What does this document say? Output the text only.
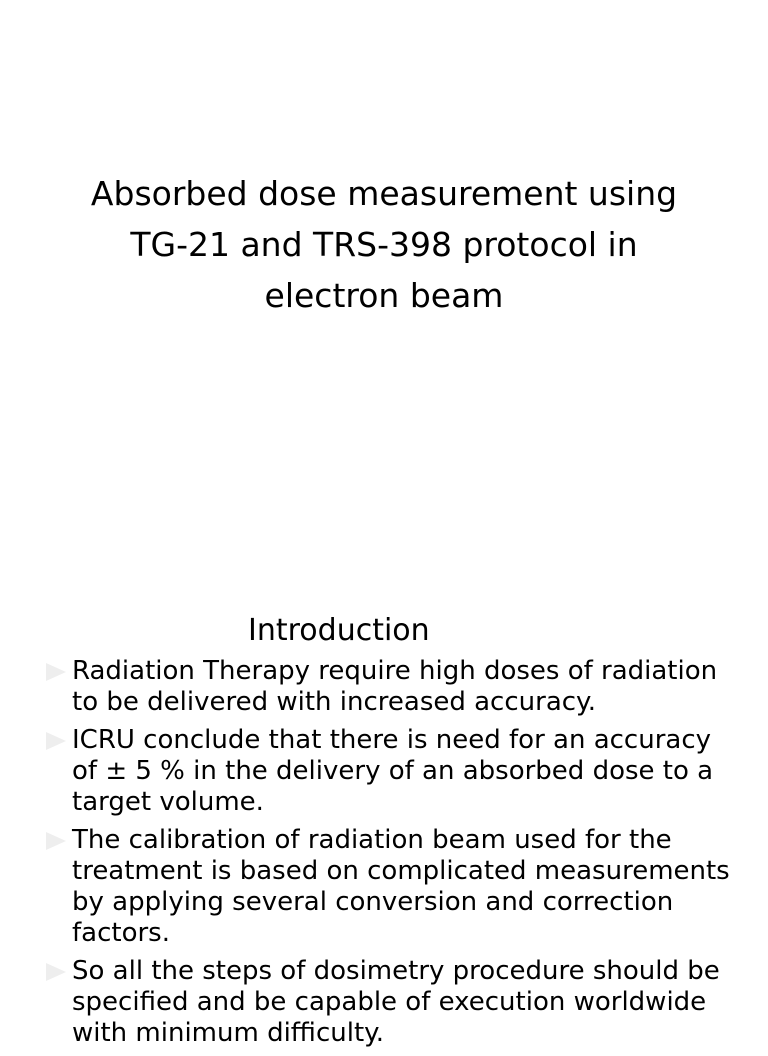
Absorbed dose measurement using
TG-21 and TRS-398 protocol in
electron beam
Introduction
Radiation Therapy require high doses of radiation
to be delivered with increased accuracy.
ICRU conclude that there is need for an accuracy
of ± 5 % in the delivery of an absorbed dose to a
target volume.
The calibration of radiation beam used for the
treatment is based on complicated measurements
by applying several conversion and correction
factors.
So all the steps of dosimetry procedure should be
specified and be capable of execution worldwide
with minimum difficulty.
